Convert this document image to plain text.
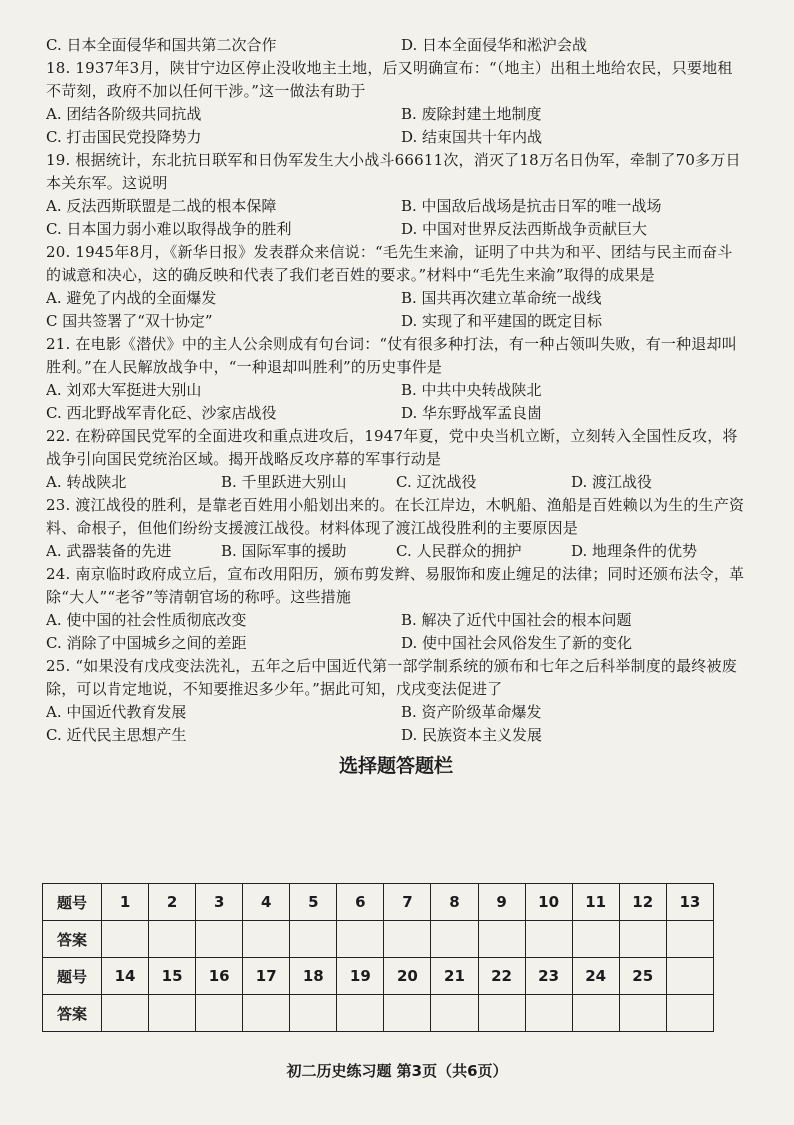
C. 日本全面侵华和国共第二次合作	D. 日本全面侵华和淞沪会战
18. 1937年3月，陕甘宁边区停止没收地主土地，后又明确宣布：“（地主）出租土地给农民，只要地租不苛刻，政府不加以任何干涉。”这一做法有助于
A. 团结各阶级共同抗战	B. 废除封建土地制度
C. 打击国民党投降势力	D. 结束国共十年内战
19. 根据统计，东北抗日联军和日伪军发生大小战斗66611次，消灭了18万名日伪军，牵制了70多万日本关东军。这说明
A. 反法西斯联盟是二战的根本保障	B. 中国敌后战场是抗击日军的唯一战场
C. 日本国力弱小难以取得战争的胜利	D. 中国对世界反法西斯战争贡献巨大
20. 1945年8月，《新华日报》发表群众来信说：“毛先生来渝，证明了中共为和平、团结与民主而奋斗的诚意和决心，这的确反映和代表了我们老百姓的要求。”材料中“毛先生来渝”取得的成果是
A. 避免了内战的全面爆发	B. 国共再次建立革命统一战线
C 国共签署了“双十协定”	D. 实现了和平建国的既定目标
21. 在电影《潜伏》中的主人公余则成有句台词：“仗有很多种打法，有一种占领叫失败，有一种退却叫胜利。”在人民解放战争中，“一种退却叫胜利”的历史事件是
A. 刘邓大军挺进大别山	B. 中共中央转战陕北
C. 西北野战军青化砭、沙家店战役	D. 华东野战军孟良崮
22. 在粉碎国民党军的全面进攻和重点进攻后，1947年夏，党中央当机立断，立刻转入全国性反攻，将战争引向国民党统治区域。揭开战略反攻序幕的军事行动是
A. 转战陕北	B. 千里跃进大别山	C. 辽沈战役	D. 渡江战役
23. 渡江战役的胜利，是靠老百姓用小船划出来的。在长江岸边，木帆船、渔船是百姓赖以为生的生产资料、命根子，但他们纷纷支援渡江战役。材料体现了渡江战役胜利的主要原因是
A. 武器装备的先进	B. 国际军事的援助	C. 人民群众的拥护	D. 地理条件的优势
24. 南京临时政府成立后，宣布改用阳历，颁布剪发辫、易服饰和废止缠足的法律；同时还颁布法令，革除“大人”“老爷”等清朝官场的称呼。这些措施
A. 使中国的社会性质彻底改变	B. 解决了近代中国社会的根本问题
C. 消除了中国城乡之间的差距	D. 使中国社会风俗发生了新的变化
25. “如果没有戊戌变法洗礼，五年之后中国近代第一部学制系统的颁布和七年之后科举制度的最终被废除，可以肯定地说，不知要推迟多少年。”据此可知，戊戌变法促进了
A. 中国近代教育发展	B. 资产阶级革命爆发
C. 近代民主思想产生	D. 民族资本主义发展
选择题答题栏
题号	1	2	3	4	5	6	7	8	9	10	11	12	13
答案													
题号	14	15	16	17	18	19	20	21	22	23	24	25	
答案													
初二历史练习题 第3页（共6页）
